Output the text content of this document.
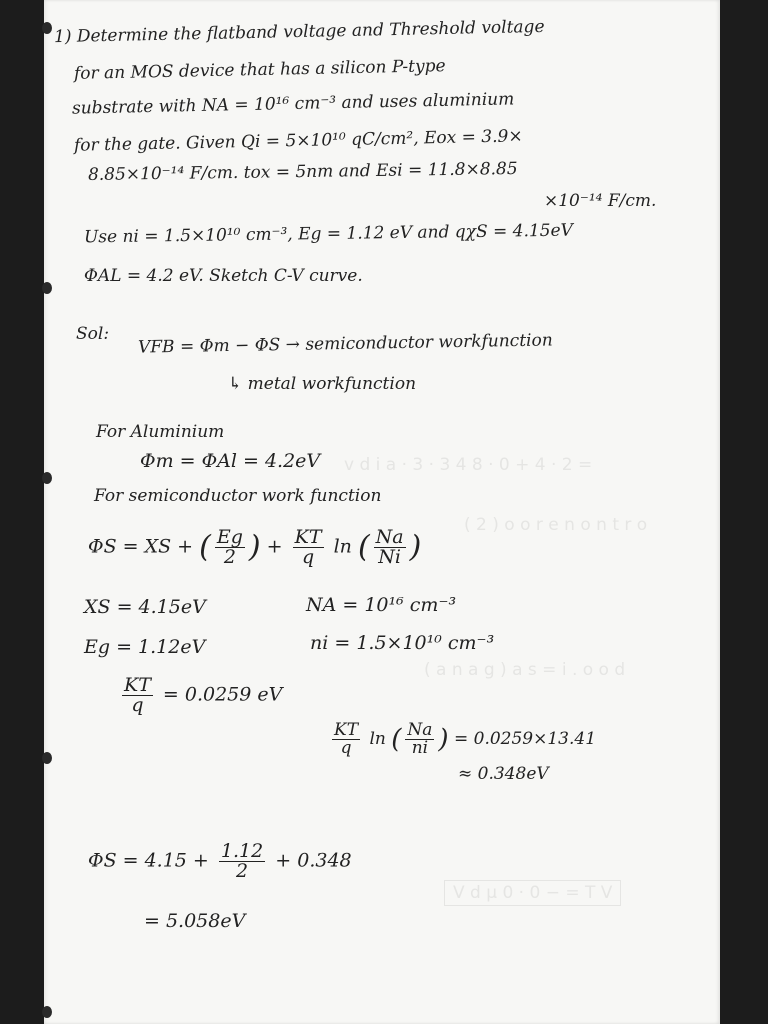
v d i a · 3 · 3 4 8 · 0 + 4 · 2 =
( 2 ) o o r e n o n t r o
( a n a g ) a s = i . o o d
V d µ 0 · 0 − = T V
1) Determine the flatband voltage and Threshold voltage
for an MOS device that has a silicon P-type
substrate with NA = 10¹⁶ cm⁻³ and uses aluminium
for the gate. Given Qi = 5×10¹⁰ qC/cm², Eox = 3.9×
8.85×10⁻¹⁴ F/cm. tox = 5nm and Esi = 11.8×8.85
×10⁻¹⁴ F/cm.
Use ni = 1.5×10¹⁰ cm⁻³, Eg = 1.12 eV and qχS = 4.15eV
ΦAL = 4.2 eV. Sketch C-V curve.
Sol: VFB = Φm − ΦS → semiconductor workfunction
↳ metal workfunction
For Aluminium
Φm = ΦAl = 4.2eV
For semiconductor work function
ΦS = XS + ( $\frac{Eg}{2}$ ) + $\frac{KT}{q}$ ln ( $\frac{Na}{Ni}$ )
XS = 4.15eV	NA = 10¹⁶ cm⁻³
Eg = 1.12eV	ni = 1.5×10¹⁰ cm⁻³
$\frac{KT}{q} = 0.0259$ eV
$\frac{KT}{q}$ ln ( $\frac{Na}{ni}$ ) = 0.0259×13.41
≈ 0.348eV
$\Phi S = 4.15 + \frac{1.12}{2} + 0.348$
= 5.058eV
